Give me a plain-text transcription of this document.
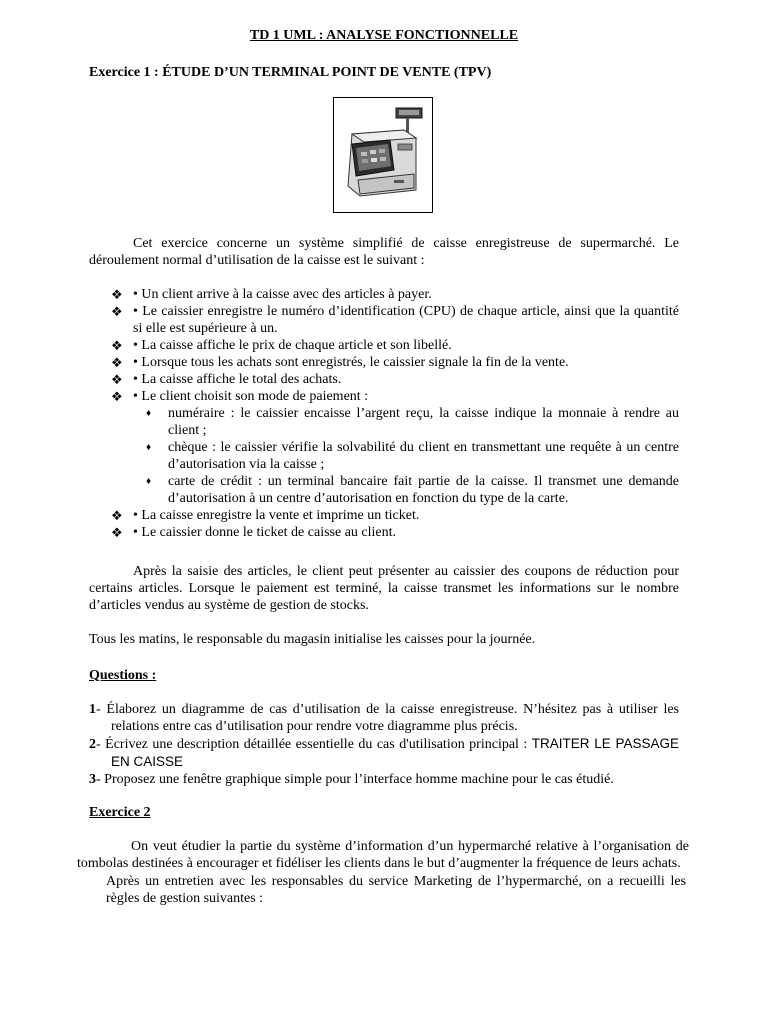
TD 1 UML : ANALYSE FONCTIONNELLE
Exercice 1 : ÉTUDE D’UN TERMINAL POINT DE VENTE (TPV)
Cet exercice concerne un système simplifié de caisse enregistreuse de supermarché. Le déroulement normal d’utilisation de la caisse est le suivant :
❖ • Un client arrive à la caisse avec des articles à payer.
❖ • Le caissier enregistre le numéro d’identification (CPU) de chaque article, ainsi que la quantité si elle est supérieure à un.
❖ • La caisse affiche le prix de chaque article et son libellé.
❖ • Lorsque tous les achats sont enregistrés, le caissier signale la fin de la vente.
❖ • La caisse affiche le total des achats.
❖ • Le client choisit son mode de paiement :
♦ numéraire : le caissier encaisse l’argent reçu, la caisse indique la monnaie à rendre au client ;
♦ chèque : le caissier vérifie la solvabilité du client en transmettant une requête à un centre d’autorisation via la caisse ;
♦ carte de crédit : un terminal bancaire fait partie de la caisse. Il transmet une demande d’autorisation à un centre d’autorisation en fonction du type de la carte.
❖ • La caisse enregistre la vente et imprime un ticket.
❖ • Le caissier donne le ticket de caisse au client.
Après la saisie des articles, le client peut présenter au caissier des coupons de réduction pour certains articles. Lorsque le paiement est terminé, la caisse transmet les informations sur le nombre d’articles vendus au système de gestion de stocks.
Tous les matins, le responsable du magasin initialise les caisses pour la journée.
Questions :
1- Élaborez un diagramme de cas d’utilisation de la caisse enregistreuse. N’hésitez pas à utiliser les relations entre cas d’utilisation pour rendre votre diagramme plus précis.
2- Écrivez une description détaillée essentielle du cas d'utilisation principal : TRAITER LE PASSAGE EN CAISSE
3- Proposez une fenêtre graphique simple pour l’interface homme machine pour le cas étudié.
Exercice 2
On veut étudier la partie du système d’information d’un hypermarché relative à l’organisation de tombolas destinées à encourager et fidéliser les clients dans le but d’augmenter la fréquence de leurs achats.
Après un entretien avec les responsables du service Marketing de l’hypermarché, on a recueilli les règles de gestion suivantes :
